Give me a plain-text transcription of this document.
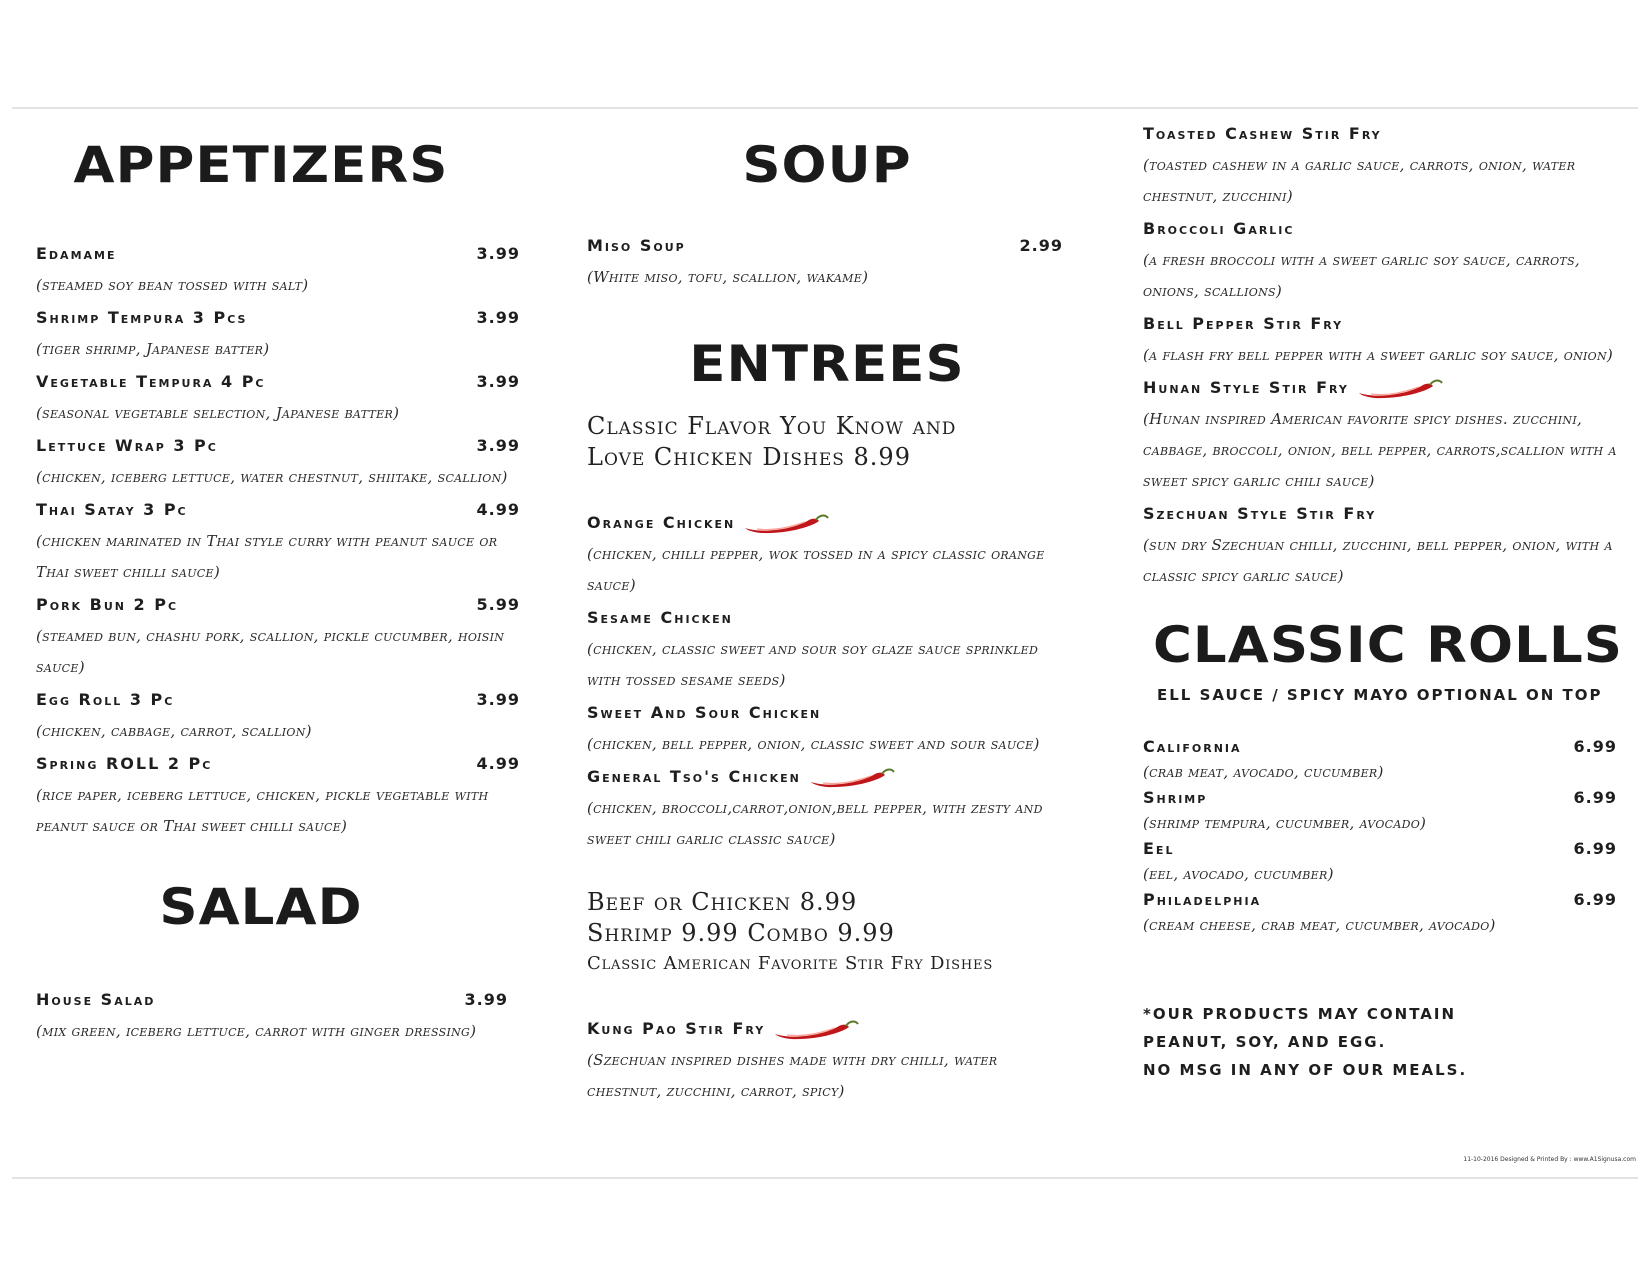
APPETIZERS
Edamame	3.99
(steamed soy bean tossed with salt)
Shrimp Tempura 3 Pcs	3.99
(tiger shrimp, Japanese batter)
Vegetable Tempura 4 Pc	3.99
(seasonal vegetable selection, Japanese batter)
Lettuce Wrap 3 Pc	3.99
(chicken, iceberg lettuce, water chestnut, shiitake, scallion)
Thai Satay 3 Pc	4.99
(chicken marinated in Thai style curry with peanut sauce or Thai sweet chilli sauce)
Pork Bun 2 Pc	5.99
(steamed bun, chashu pork, scallion, pickle cucumber, hoisin sauce)
Egg Roll 3 Pc	3.99
(chicken, cabbage, carrot, scallion)
Spring ROLL 2 Pc	4.99
(rice paper, iceberg lettuce, chicken, pickle vegetable with peanut sauce or Thai sweet chilli sauce)
SALAD
House Salad	3.99
(mix green, iceberg lettuce, carrot with ginger dressing)
SOUP
Miso Soup	2.99
(White miso, tofu, scallion, wakame)
ENTREES
Classic Flavor You Know and
Love Chicken Dishes 8.99
Orange Chicken
(chicken, chilli pepper, wok tossed in a spicy classic orange sauce)
Sesame Chicken
(chicken, classic sweet and sour soy glaze sauce sprinkled with tossed sesame seeds)
Sweet And Sour Chicken
(chicken, bell pepper, onion, classic sweet and sour sauce)
General Tso's Chicken
(chicken, broccoli,carrot,onion,bell pepper, with zesty and sweet chili garlic classic sauce)
Beef or Chicken 8.99
Shrimp 9.99 Combo 9.99
Classic American Favorite Stir Fry Dishes
Kung Pao Stir Fry
(Szechuan inspired dishes made with dry chilli, water chestnut, zucchini, carrot, spicy)
Toasted Cashew Stir Fry
(toasted cashew in a garlic sauce, carrots, onion, water chestnut, zucchini)
Broccoli Garlic
(a fresh broccoli with a sweet garlic soy sauce, carrots, onions, scallions)
Bell Pepper Stir Fry
(a flash fry bell pepper with a sweet garlic soy sauce, onion)
Hunan Style Stir Fry
(Hunan inspired American favorite spicy dishes. zucchini, cabbage, broccoli, onion, bell pepper, carrots,scallion with a sweet spicy garlic chili sauce)
Szechuan Style Stir Fry
(sun dry Szechuan chilli, zucchini, bell pepper, onion, with a classic spicy garlic sauce)
CLASSIC ROLLS
ELL SAUCE / SPICY MAYO OPTIONAL ON TOP
California	6.99
(crab meat, avocado, cucumber)
Shrimp	6.99
(shrimp tempura, cucumber, avocado)
Eel	6.99
(eel, avocado, cucumber)
Philadelphia	6.99
(cream cheese, crab meat, cucumber, avocado)
*OUR PRODUCTS MAY CONTAIN
PEANUT, SOY, AND EGG.
NO MSG IN ANY OF OUR MEALS.
11-10-2016 Designed & Printed By : www.A1Signusa.com
